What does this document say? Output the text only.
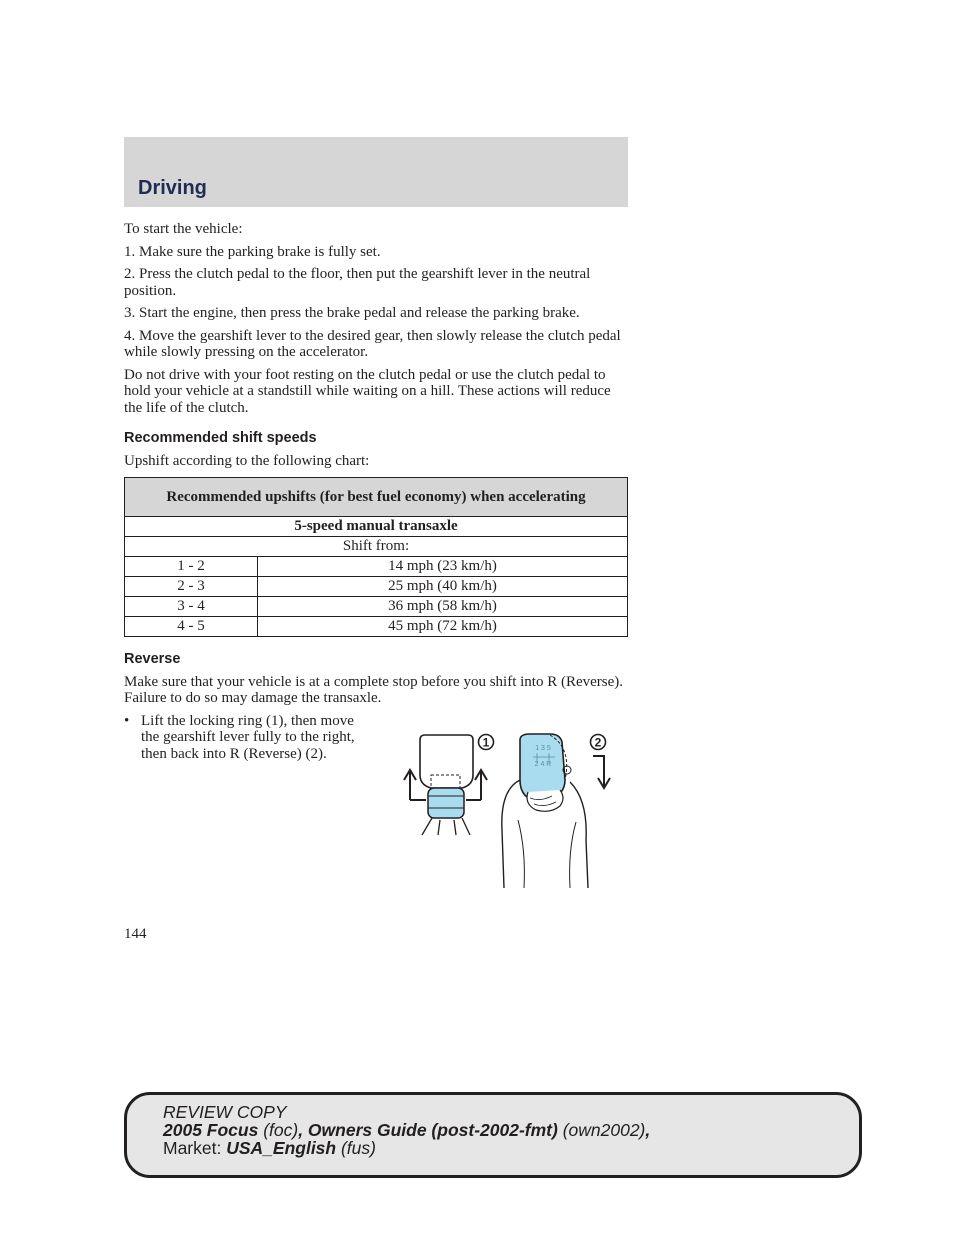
Driving

To start the vehicle:

1. Make sure the parking brake is fully set.

2. Press the clutch pedal to the floor, then put the gearshift lever in the neutral position.

3. Start the engine, then press the brake pedal and release the parking brake.

4. Move the gearshift lever to the desired gear, then slowly release the clutch pedal while slowly pressing on the accelerator.

Do not drive with your foot resting on the clutch pedal or use the clutch pedal to hold your vehicle at a standstill while waiting on a hill. These actions will reduce the life of the clutch.

Recommended shift speeds

Upshift according to the following chart:

Recommended upshifts (for best fuel economy) when accelerating	
5-speed manual transaxle	
Shift from:	
1 - 2	14 mph (23 km/h)
2 - 3	25 mph (40 km/h)
3 - 4	36 mph (58 km/h)
4 - 5	45 mph (72 km/h)
Reverse

Make sure that your vehicle is at a complete stop before you shift into R (Reverse). Failure to do so may damage the transaxle.

• Lift the locking ring (1), then move the gearshift lever fully to the right, then back into R (Reverse) (2).
1	1 3 5
2 4 R
2

144

REVIEW COPY
2005 Focus (foc), Owners Guide (post-2002-fmt) (own2002),
Market: USA_English (fus)
